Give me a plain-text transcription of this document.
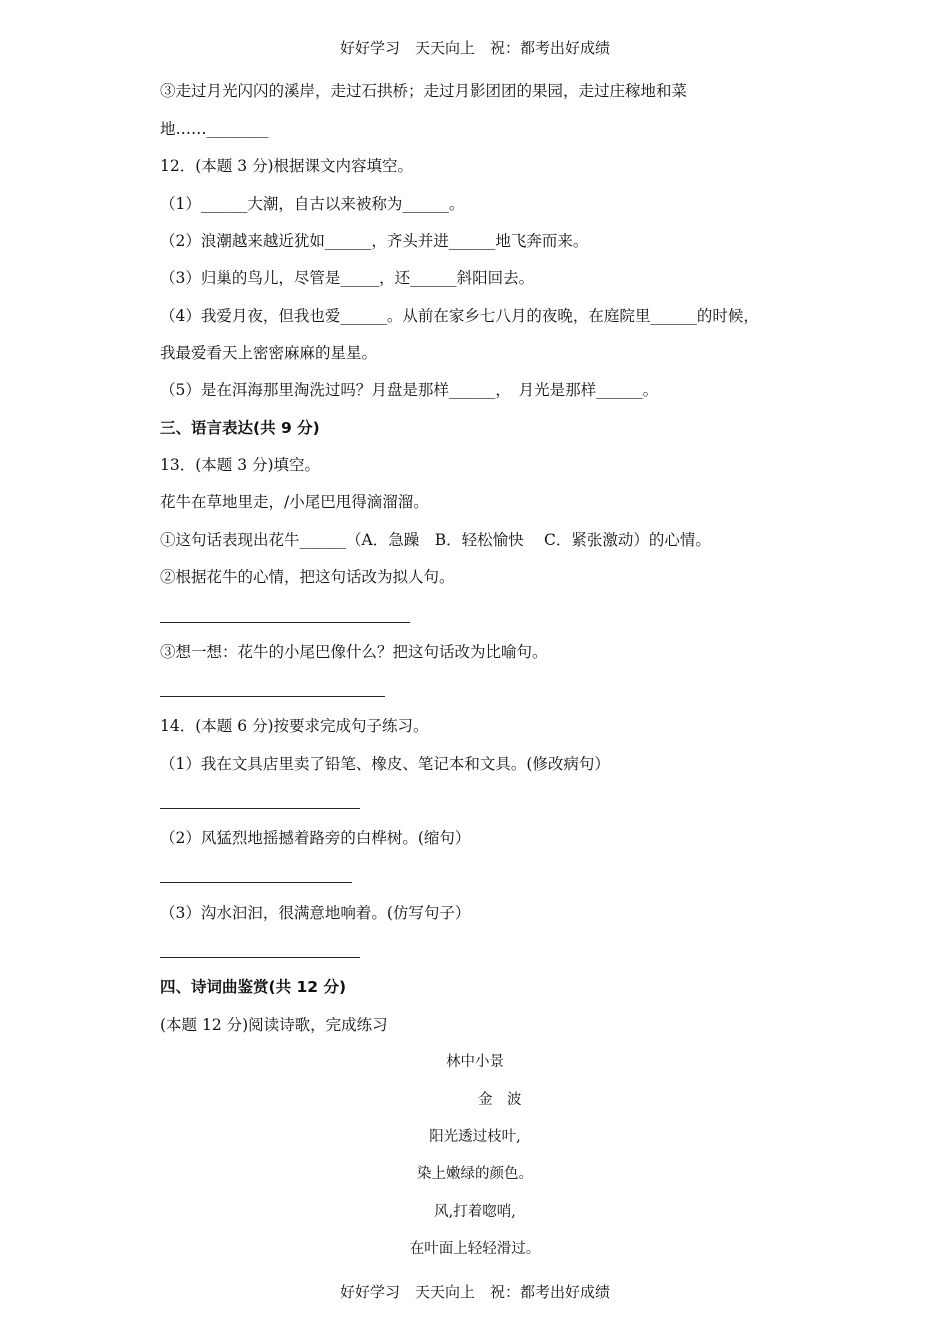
好好学习　天天向上　祝：都考出好成绩
③走过月光闪闪的溪岸，走过石拱桥；走过月影团团的果园，走过庄稼地和菜
地……________
12．(本题 3 分)根据课文内容填空。
（1）______大潮，自古以来被称为______。
（2）浪潮越来越近犹如______，齐头并进______地飞奔而来。
（3）归巢的鸟儿，尽管是_____，还______斜阳回去。
（4）我爱月夜，但我也爱______。从前在家乡七八月的夜晚，在庭院里______的时候，
我最爱看天上密密麻麻的星星。
（5）是在洱海那里淘洗过吗？月盘是那样______，　月光是那样______。
三、语言表达(共 9 分)
13．(本题 3 分)填空。
花牛在草地里走，/小尾巴甩得滴溜溜。
①这句话表现出花牛______（A．急躁　B．轻松愉快　 C．紧张激动）的心情。
②根据花牛的心情，把这句话改为拟人句。
③想一想：花牛的小尾巴像什么？把这句话改为比喻句。
14．(本题 6 分)按要求完成句子练习。
（1）我在文具店里卖了铅笔、橡皮、笔记本和文具。(修改病句）
（2）风猛烈地摇撼着路旁的白桦树。(缩句）
（3）沟水汩汩，很满意地响着。(仿写句子）
四、诗词曲鉴赏(共 12 分)
(本题 12 分)阅读诗歌，完成练习
林中小景
金　波
阳光透过枝叶,
染上嫩绿的颜色。
风,打着唿哨,
在叶面上轻轻滑过。
好好学习　天天向上　祝：都考出好成绩
